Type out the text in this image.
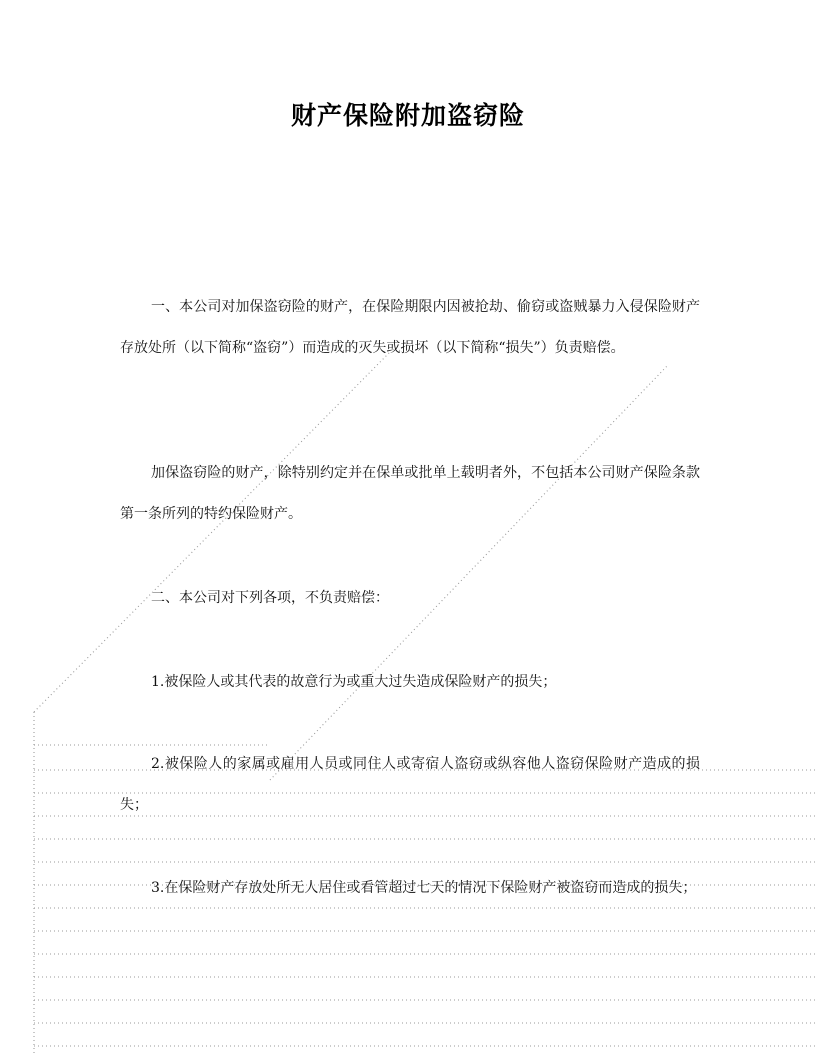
财产保险附加盗窃险

一、本公司对加保盗窃险的财产，在保险期限内因被抢劫、偷窃或盗贼暴力入侵保险财产存放处所（以下简称“盗窃”）而造成的灭失或损坏（以下简称“损失”）负责赔偿。

加保盗窃险的财产，除特别约定并在保单或批单上载明者外，不包括本公司财产保险条款第一条所列的特约保险财产。

二、本公司对下列各项，不负责赔偿：

1.被保险人或其代表的故意行为或重大过失造成保险财产的损失；

2.被保险人的家属或雇用人员或同住人或寄宿人盗窃或纵容他人盗窃保险财产造成的损失；

3.在保险财产存放处所无人居住或看管超过七天的情况下保险财产被盗窃而造成的损失；
